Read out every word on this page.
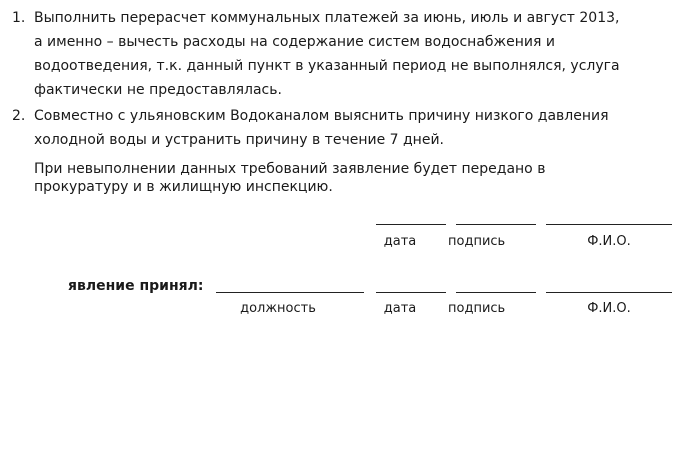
1. Выполнить перерасчет коммунальных платежей за июнь, июль и август 2013,

а именно – вычесть расходы на содержание систем водоснабжения и

водоотведения, т.к. данный пункт в указанный период не выполнялся, услуга

фактически не предоставлялась.

2. Совместно с ульяновским Водоканалом выяснить причину низкого давления

холодной воды и устранить причину в течение 7 дней.

При невыполнении данных требований заявление будет передано в

прокуратуру и в жилищную инспекцию.

дата	подпись	Ф.И.О.
явление принял:
должность	дата	подпись	Ф.И.О.
